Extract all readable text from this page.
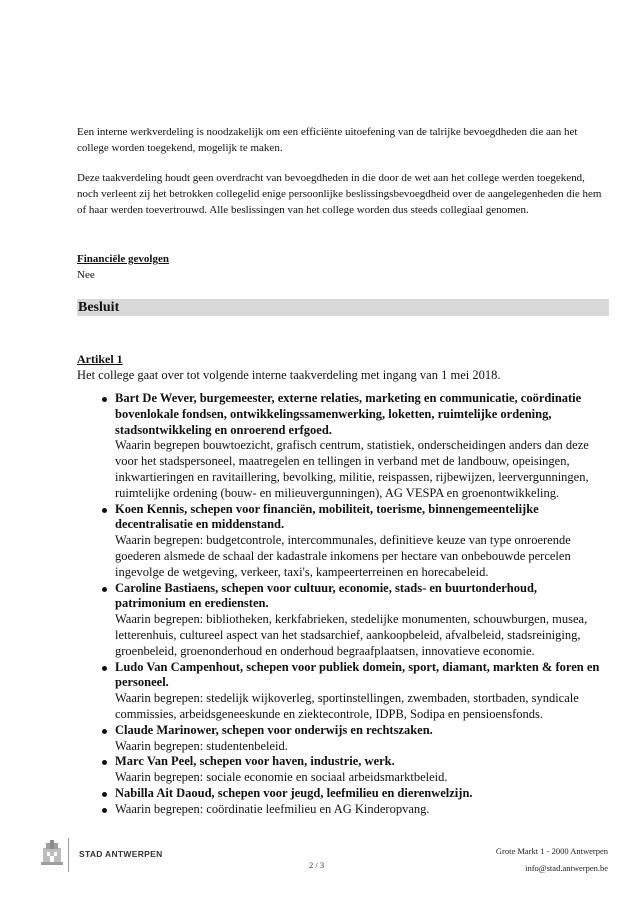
Een interne werkverdeling is noodzakelijk om een efficiënte uitoefening van de talrijke bevoegdheden die aan het college worden toegekend, mogelijk te maken.

Deze taakverdeling houdt geen overdracht van bevoegdheden in die door de wet aan het college werden toegekend, noch verleent zij het betrokken collegelid enige persoonlijke beslissingsbevoegdheid over de aangelegenheden die hem of haar werden toevertrouwd. Alle beslissingen van het college worden dus steeds collegiaal genomen.

Financiële gevolgen

Nee

Besluit
Artikel 1

Het college gaat over tot volgende interne taakverdeling met ingang van 1 mei 2018.

Bart De Wever, burgemeester, externe relaties, marketing en communicatie, coördinatie bovenlokale fondsen, ontwikkelingssamenwerking, loketten, ruimtelijke ordening, stadsontwikkeling en onroerend erfgoed.
Waarin begrepen bouwtoezicht, grafisch centrum, statistiek, onderscheidingen anders dan deze voor het stadspersoneel, maatregelen en tellingen in verband met de landbouw, opeisingen, inkwartieringen en ravitaillering, bevolking, militie, reispassen, rijbewijzen, leervergunningen, ruimtelijke ordening (bouw- en milieuvergunningen), AG VESPA en groenontwikkeling.
Koen Kennis, schepen voor financiën, mobiliteit, toerisme, binnengemeentelijke decentralisatie en middenstand.
Waarin begrepen: budgetcontrole, intercommunales, definitieve keuze van type onroerende goederen alsmede de schaal der kadastrale inkomens per hectare van onbebouwde percelen ingevolge de wetgeving, verkeer, taxi's, kampeerterreinen en horecabeleid.
Caroline Bastiaens, schepen voor cultuur, economie, stads- en buurtonderhoud, patrimonium en erediensten.
Waarin begrepen: bibliotheken, kerkfabrieken, stedelijke monumenten, schouwburgen, musea, letterenhuis, cultureel aspect van het stadsarchief, aankoopbeleid, afvalbeleid, stadsreiniging, groenbeleid, groenonderhoud en onderhoud begraafplaatsen, innovatieve economie.
Ludo Van Campenhout, schepen voor publiek domein, sport, diamant, markten & foren en personeel.
Waarin begrepen: stedelijk wijkoverleg, sportinstellingen, zwembaden, stortbaden, syndicale commissies, arbeidsgeneeskunde en ziektecontrole, IDPB, Sodipa en pensioensfonds.
Claude Marinower, schepen voor onderwijs en rechtszaken.
Waarin begrepen: studentenbeleid.
Marc Van Peel, schepen voor haven, industrie, werk.
Waarin begrepen: sociale economie en sociaal arbeidsmarktbeleid.
Nabilla Ait Daoud, schepen voor jeugd, leefmilieu en dierenwelzijn.
Waarin begrepen: coördinatie leefmilieu en AG Kinderopvang.
STAD ANTWERPEN
2 / 3
Grote Markt 1 - 2000 Antwerpen
info@stad.antwerpen.be
